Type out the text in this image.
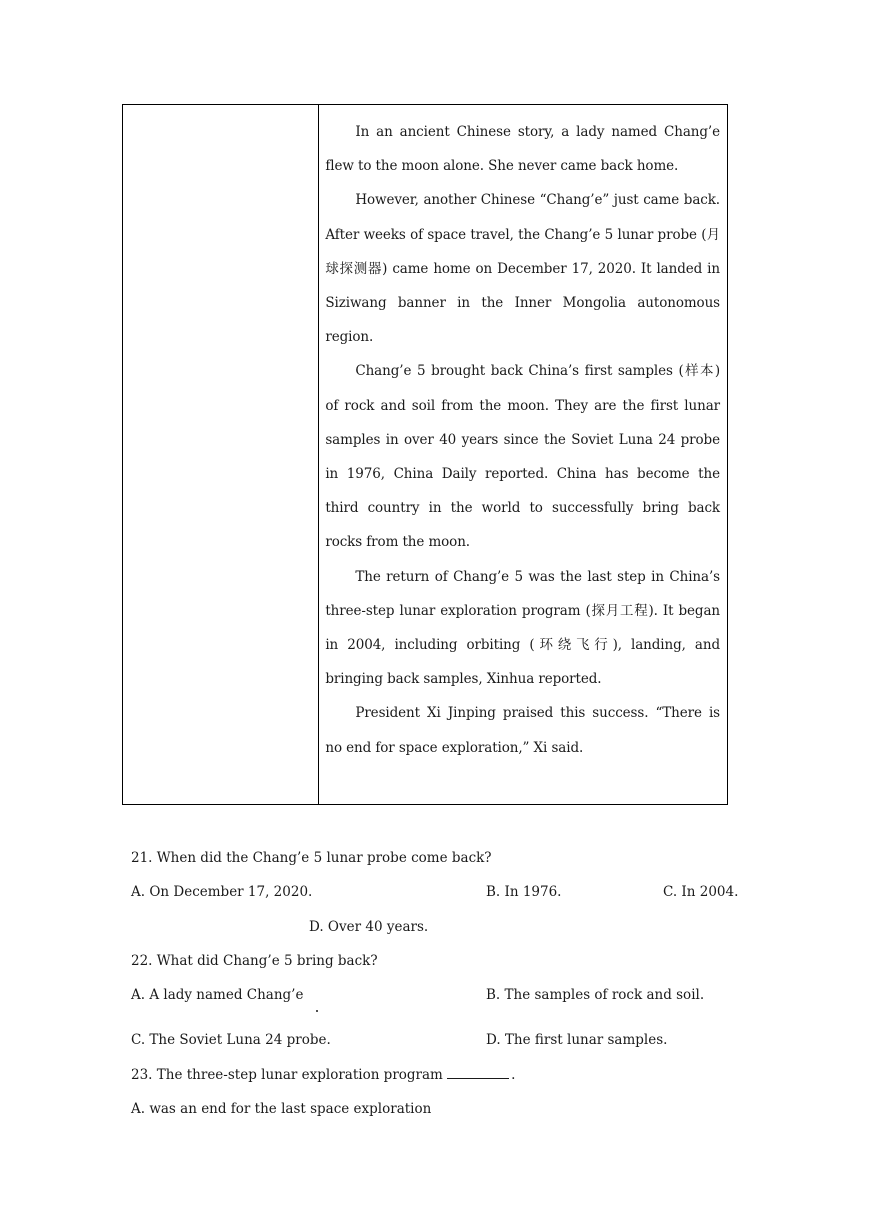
In an ancient Chinese story, a lady named Chang’e flew to the moon alone. She never came back home.

However, another Chinese “Chang’e” just came back. After weeks of space travel, the Chang’e 5 lunar probe (月球探测器) came home on December 17, 2020. It landed in Siziwang banner in the Inner Mongolia autonomous region.

Chang’e 5 brought back China’s first samples (样本) of rock and soil from the moon. They are the first lunar samples in over 40 years since the Soviet Luna 24 probe in 1976, China Daily reported. China has become the third country in the world to successfully bring back rocks from the moon.

The return of Chang’e 5 was the last step in China’s three-step lunar exploration program (探月工程). It began in 2004, including orbiting (环绕飞行), landing, and bringing back samples, Xinhua reported.

President Xi Jinping praised this success. “There is no end for space exploration,” Xi said.

21. When did the Chang’e 5 lunar probe come back?
A. On December 17, 2020.	B. In 1976.	C. In 2004.
D. Over 40 years.
22. What did Chang’e 5 bring back?
A. A lady named Chang’e	B. The samples of rock and soil.
C. The Soviet Luna 24 probe.	D. The first lunar samples.
23. The three-step lunar exploration program	.
A. was an end for the last space exploration
